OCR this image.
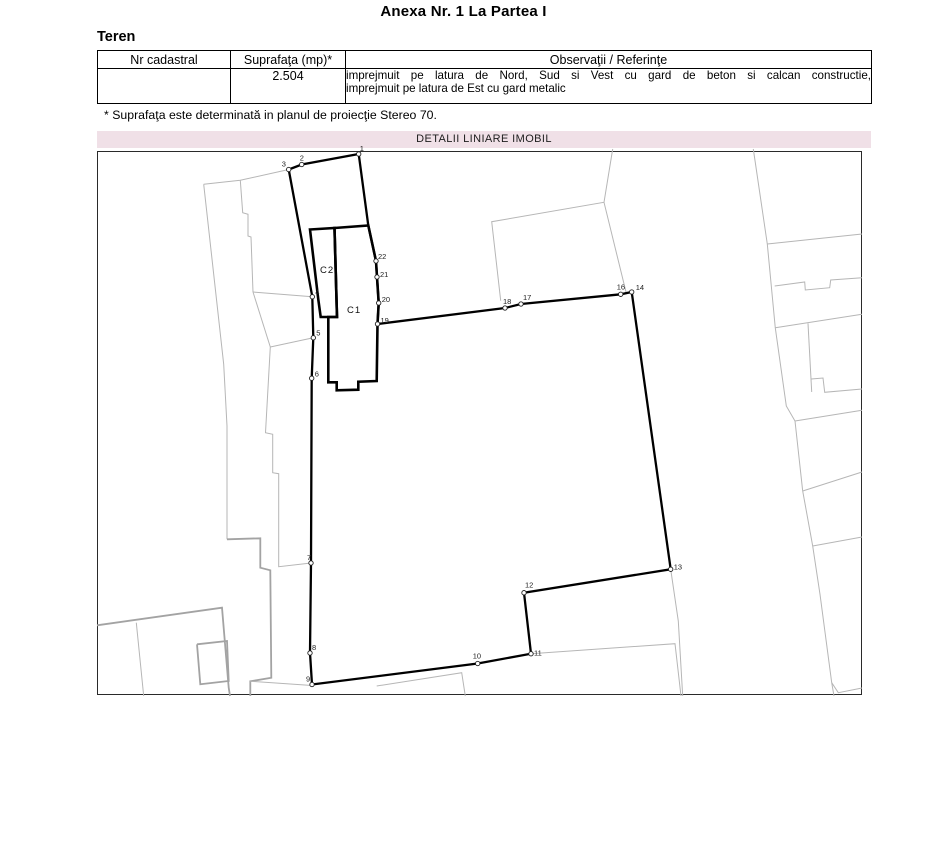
Anexa Nr. 1 La Partea I
Teren
Nr cadastral	Suprafaţa (mp)*	Observaţii / Referinţe
	2.504	imprejmuit pe latura de Nord, Sud si Vest cu gard de beton si calcan constructie,
imprejmuit pe latura de Est cu gard metalic
* Suprafaţa este determinată in planul de proiecţie Stereo 70.
DETALII LINIARE IMOBIL
1
2
3
4
5
6
7
8
9
10	11
12
13
14
16
17
18
19
20
21
22
C2
C1
